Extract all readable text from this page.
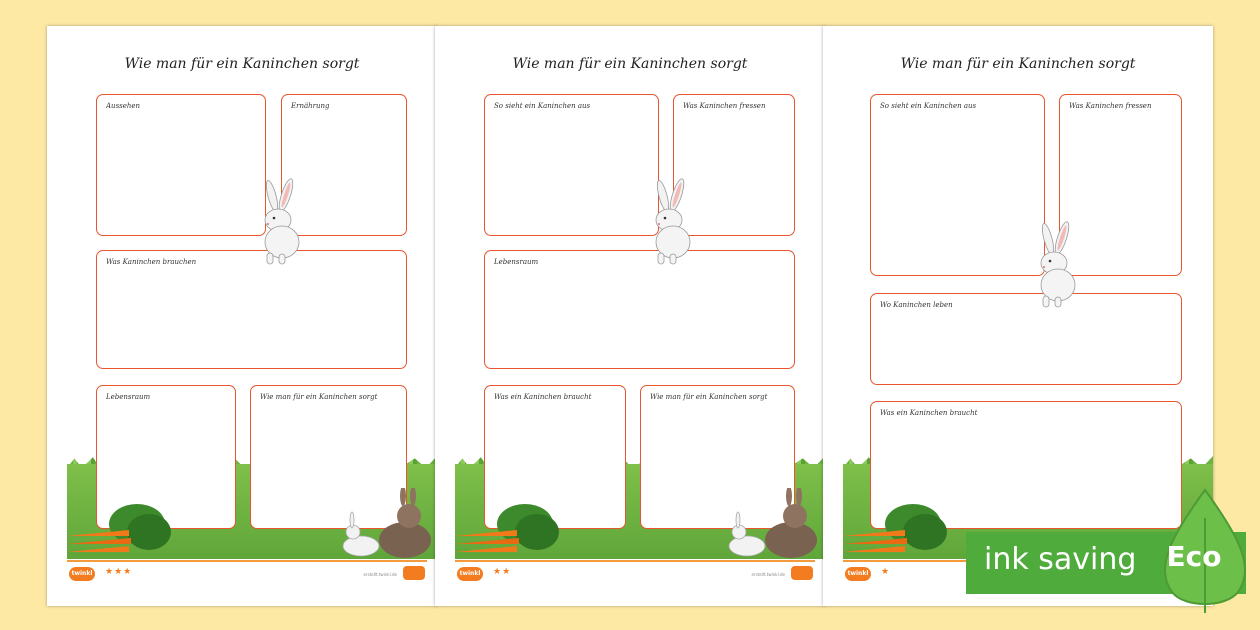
Wie man für ein Kaninchen sorgt
Aussehen	Ernährung
Was Kaninchen brauchen
Lebensraum	Wie man für ein Kaninchen sorgt
twinkl ★★★	erstellt.twinkl.de
Wie man für ein Kaninchen sorgt
So sieht ein Kaninchen aus	Was Kaninchen fressen
Lebensraum
Was ein Kaninchen braucht	Wie man für ein Kaninchen sorgt
twinkl ★★	erstellt.twinkl.de
Wie man für ein Kaninchen sorgt
So sieht ein Kaninchen aus	Was Kaninchen fressen
Wo Kaninchen leben
Was ein Kaninchen braucht
twinkl ★	ink saving Eco
